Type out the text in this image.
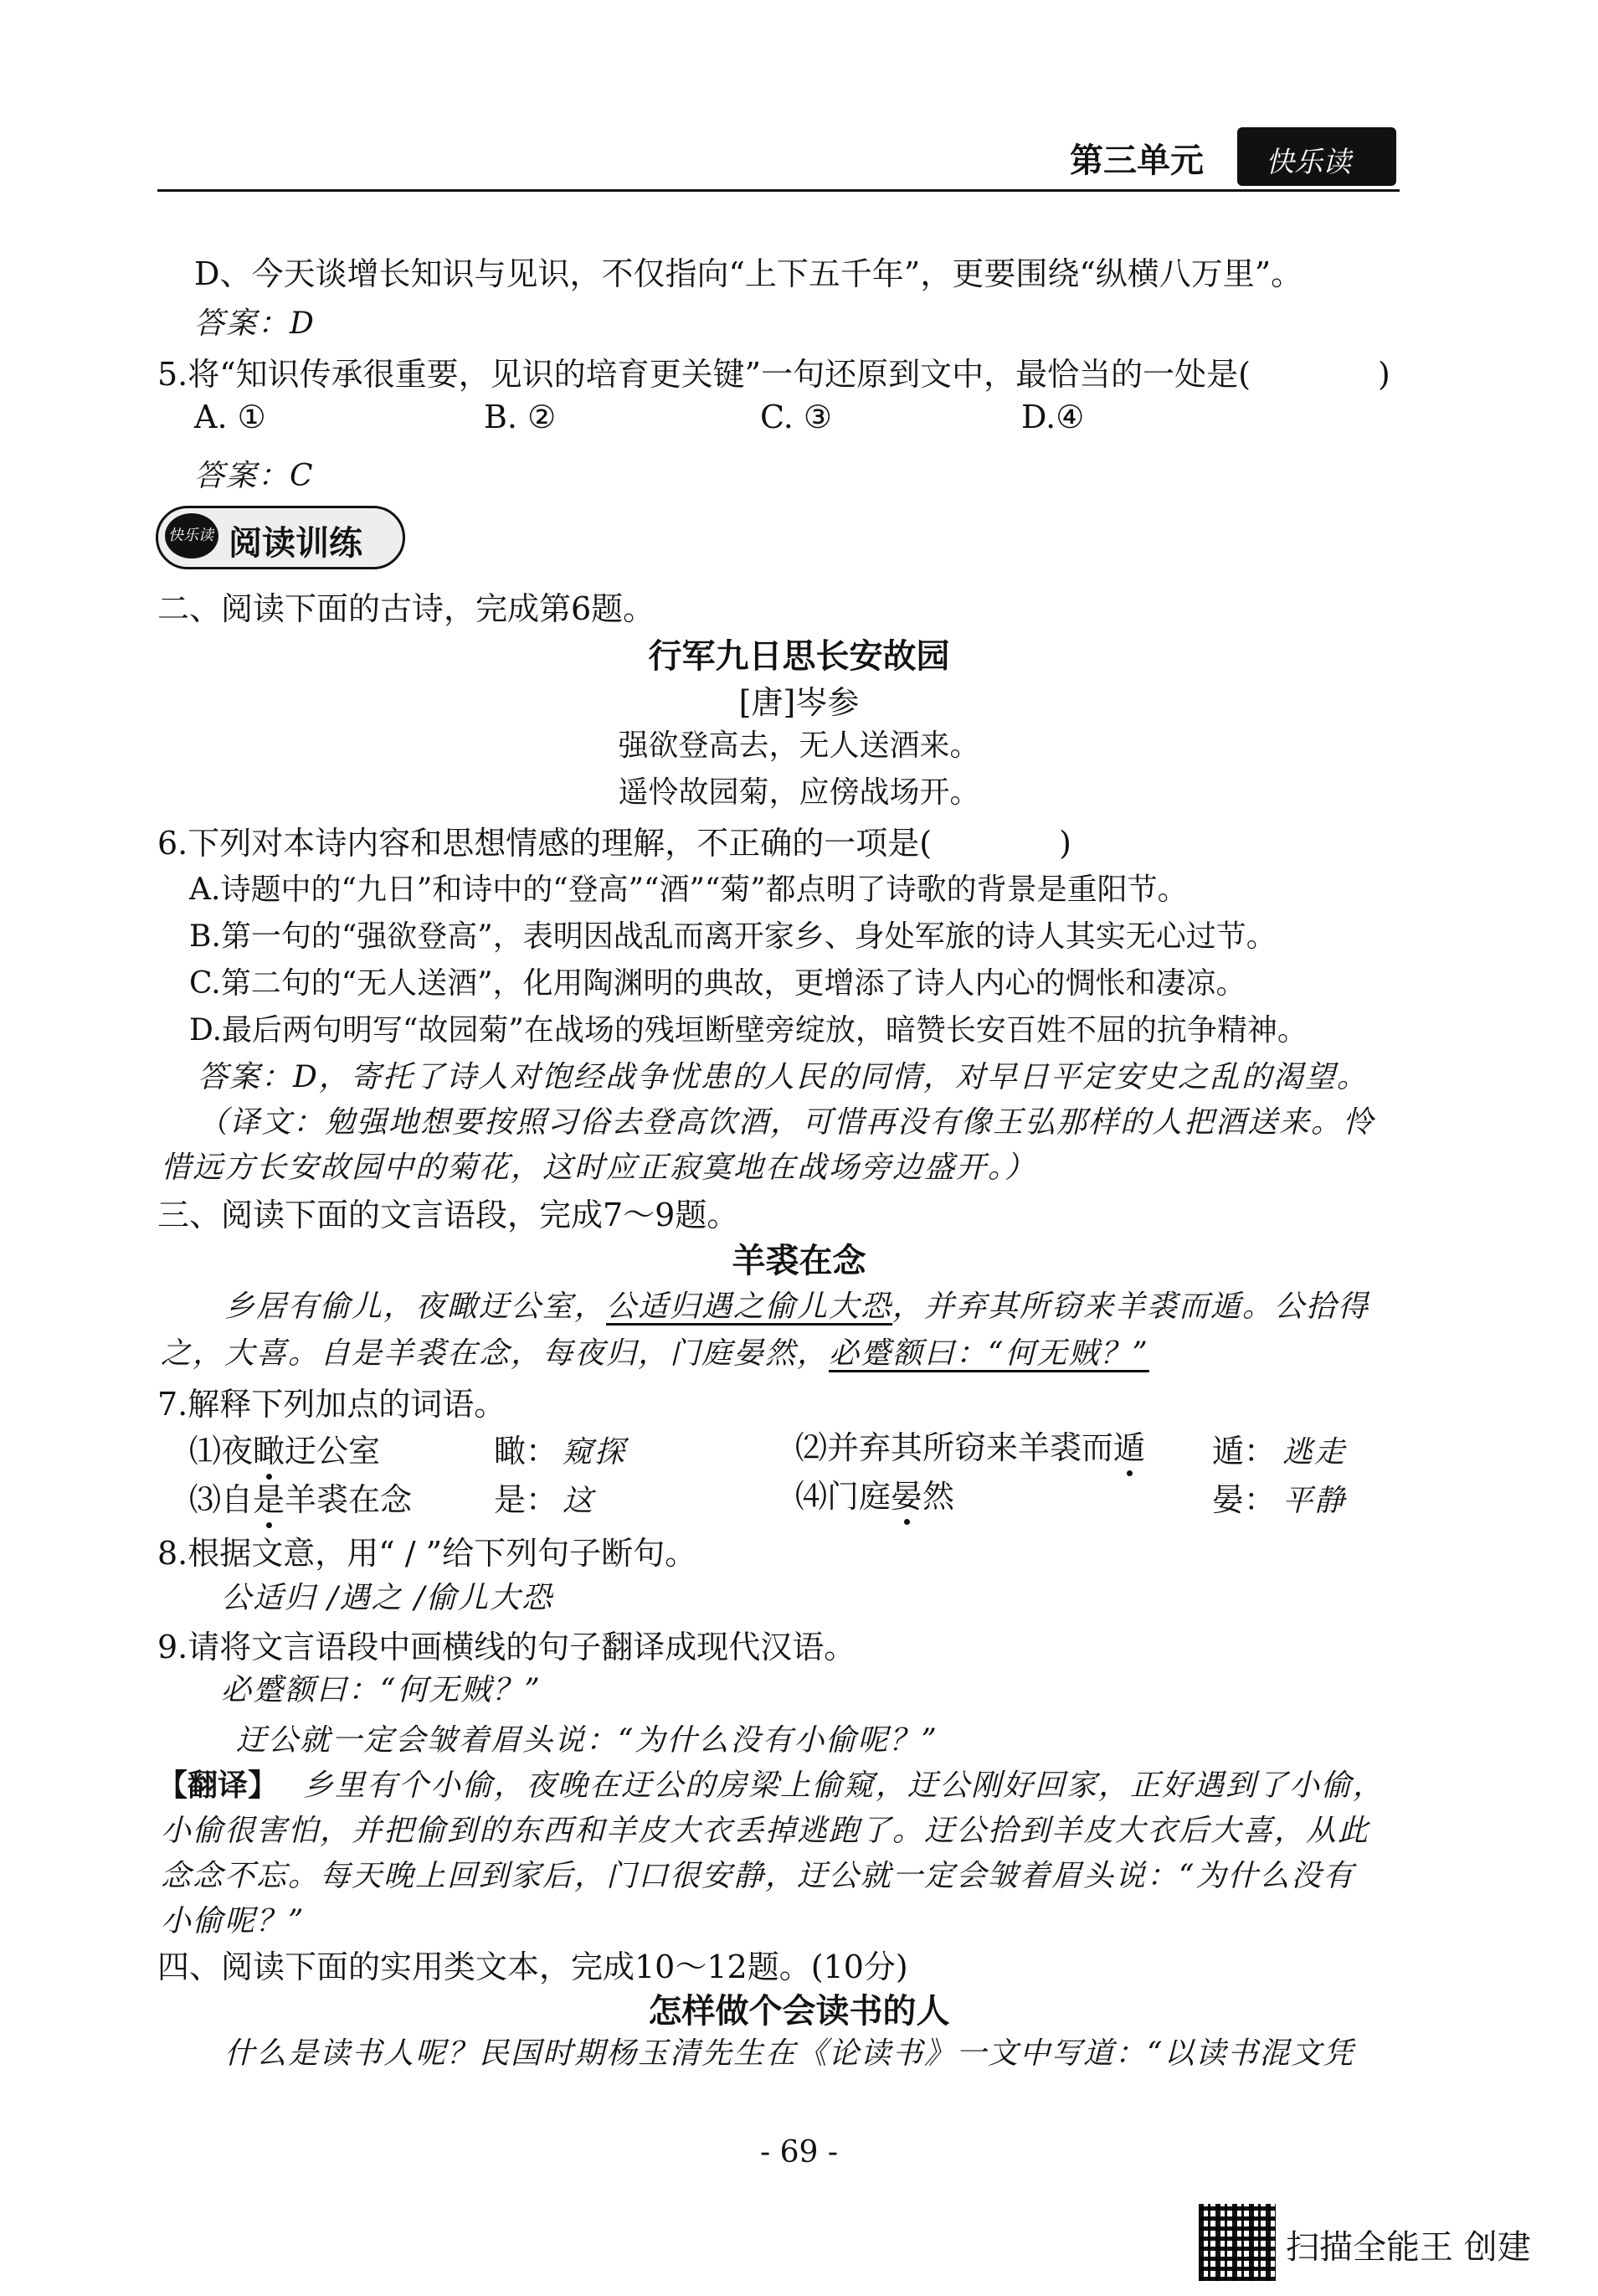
第三单元 快乐读
D、今天谈增长知识与见识，不仅指向“上下五千年”，更要围绕“纵横八万里”。
答案：D
5.将“知识传承很重要，见识的培育更关键”一句还原到文中，最恰当的一处是(　　　　)
A. ①	B. ②	C. ③	D.④
答案：C
快乐读 阅读训练
二、阅读下面的古诗，完成第6题。
行军九日思长安故园
[唐]岑参
强欲登高去，无人送酒来。
遥怜故园菊，应傍战场开。
6.下列对本诗内容和思想情感的理解，不正确的一项是(　　　　)
A.诗题中的“九日”和诗中的“登高”“酒”“菊”都点明了诗歌的背景是重阳节。
B.第一句的“强欲登高”，表明因战乱而离开家乡、身处军旅的诗人其实无心过节。
C.第二句的“无人送酒”，化用陶渊明的典故，更增添了诗人内心的惆怅和凄凉。
D.最后两句明写“故园菊”在战场的残垣断壁旁绽放，暗赞长安百姓不屈的抗争精神。
答案：D，寄托了诗人对饱经战争忧患的人民的同情，对早日平定安史之乱的渴望。
（译文：勉强地想要按照习俗去登高饮酒，可惜再没有像王弘那样的人把酒送来。怜
惜远方长安故园中的菊花，这时应正寂寞地在战场旁边盛开。）
三、阅读下面的文言语段，完成7～9题。
羊裘在念
乡居有偷儿，夜瞰迂公室，公适归遇之偷儿大恐，并弃其所窃来羊裘而遁。公拾得
之，大喜。自是羊裘在念，每夜归，门庭晏然，必蹙额曰：“何无贼？”
7.解释下列加点的词语。
⑴夜瞰迂公室	瞰： 窥探	⑵并弃其所窃来羊裘而遁 遁： 逃走
⑶自是羊裘在念	是： 这	⑷门庭晏然	晏： 平静
8.根据文意，用“ / ”给下列句子断句。
公适归 /遇之 /偷儿大恐
9.请将文言语段中画横线的句子翻译成现代汉语。
必蹙额曰：“何无贼？”
迂公就一定会皱着眉头说：“为什么没有小偷呢？”
【翻译】 乡里有个小偷，夜晚在迂公的房梁上偷窥，迂公刚好回家，正好遇到了小偷，
小偷很害怕，并把偷到的东西和羊皮大衣丢掉逃跑了。迂公拾到羊皮大衣后大喜，从此
念念不忘。每天晚上回到家后，门口很安静，迂公就一定会皱着眉头说：“为什么没有
小偷呢？”
四、阅读下面的实用类文本，完成10～12题。(10分)
怎样做个会读书的人
什么是读书人呢？民国时期杨玉清先生在《论读书》一文中写道：“以读书混文凭
- 69 -
扫描全能王 创建
